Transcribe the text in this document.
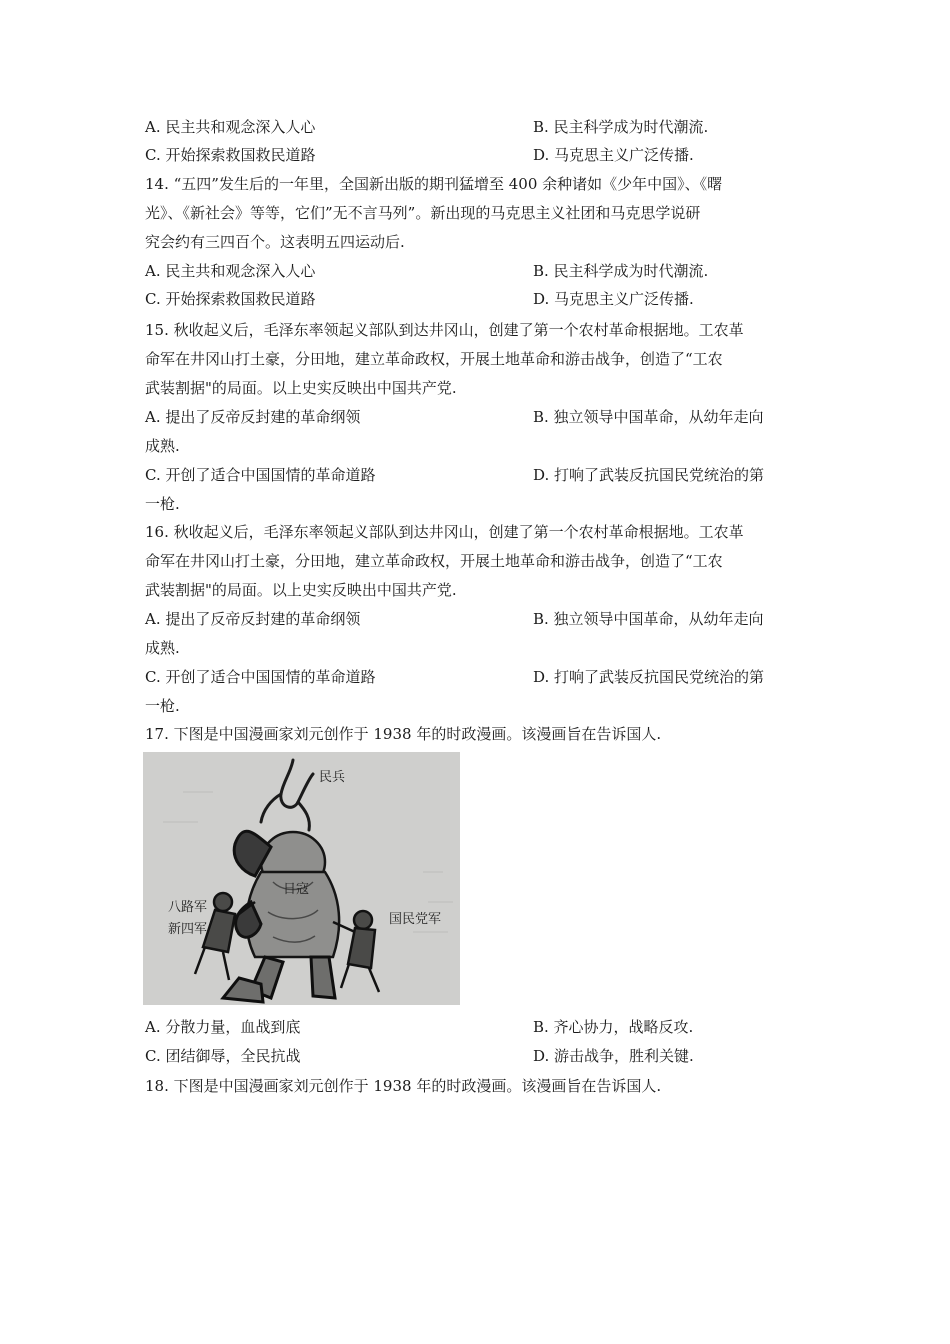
A. 民主共和观念深入人心	B. 民主科学成为时代潮流.
C. 开始探索救国救民道路	D. 马克思主义广泛传播.
14. “五四”发生后的一年里，全国新出版的期刊猛增至 400 余种诸如《少年中国》、《曙
光》、《新社会》等等，它们”无不言马列”。新出现的马克思主义社团和马克思学说研
究会约有三四百个。这表明五四运动后.
A. 民主共和观念深入人心	B. 民主科学成为时代潮流.
C. 开始探索救国救民道路	D. 马克思主义广泛传播.
15. 秋收起义后，毛泽东率领起义部队到达井冈山，创建了第一个农村革命根据地。工农革
命军在井冈山打土豪，分田地，建立革命政权，开展土地革命和游击战争，创造了“工农
武装割据"的局面。以上史实反映出中国共产党.
A. 提出了反帝反封建的革命纲领	B. 独立领导中国革命，从幼年走向
成熟.
C. 开创了适合中国国情的革命道路	D. 打响了武装反抗国民党统治的第
一枪.
16. 秋收起义后，毛泽东率领起义部队到达井冈山，创建了第一个农村革命根据地。工农革
命军在井冈山打土豪，分田地，建立革命政权，开展土地革命和游击战争，创造了“工农
武装割据"的局面。以上史实反映出中国共产党.
A. 提出了反帝反封建的革命纲领	B. 独立领导中国革命，从幼年走向
成熟.
C. 开创了适合中国国情的革命道路	D. 打响了武装反抗国民党统治的第
一枪.
17. 下图是中国漫画家刘元创作于 1938 年的时政漫画。该漫画旨在告诉国人.
民兵
日寇
八路军
新四军
国民党军
A. 分散力量，血战到底	B. 齐心协力，战略反攻.
C. 团结御辱，全民抗战	D. 游击战争，胜利关键.
18. 下图是中国漫画家刘元创作于 1938 年的时政漫画。该漫画旨在告诉国人.
